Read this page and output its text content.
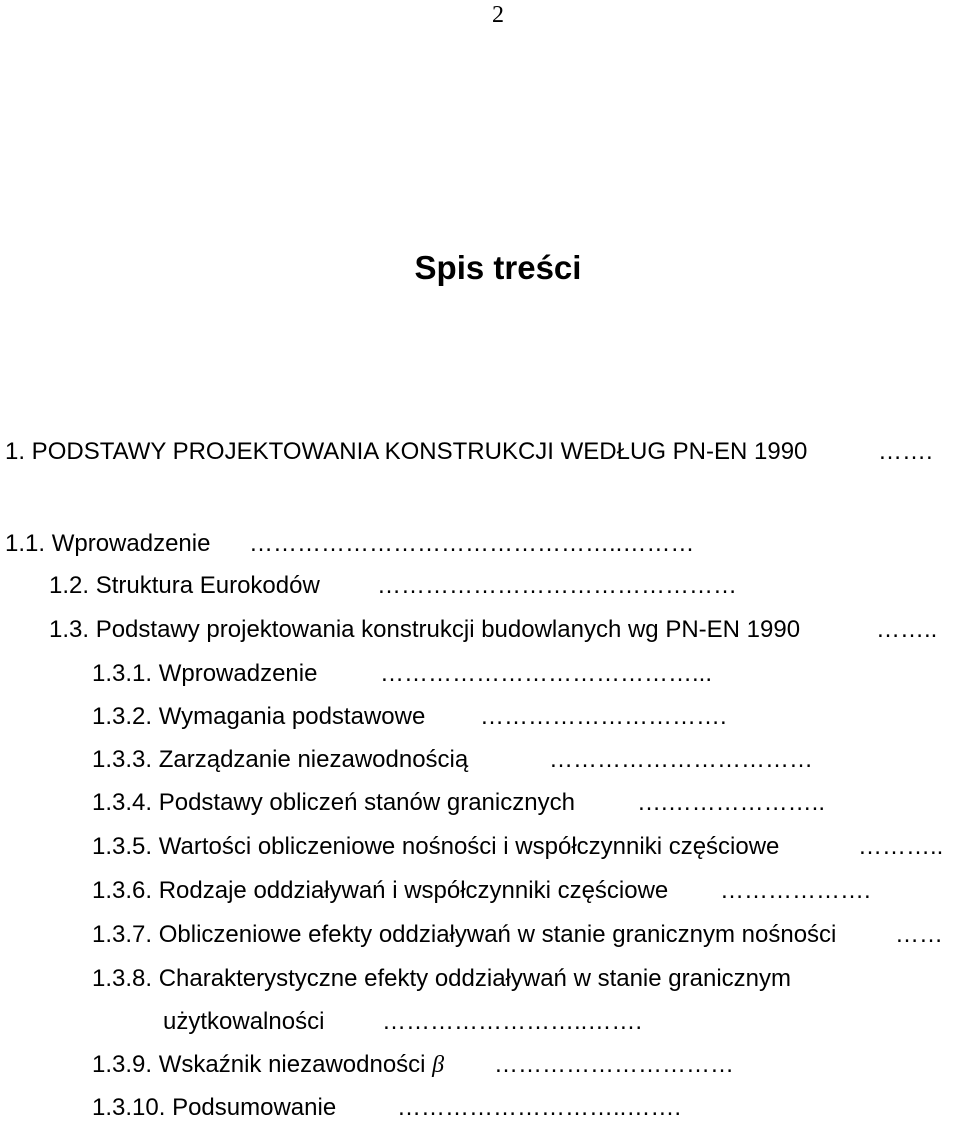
2
Spis treści
1. PODSTAWY PROJEKTOWANIA KONSTRUKCJI WEDŁUG PN-EN 1990	…….
1.1. Wprowadzenie ………………………………………..………
1.2. Struktura Eurokodów ………………………………………
1.3. Podstawy projektowania konstrukcji budowlanych wg PN-EN 1990	……..
1.3.1. Wprowadzenie	…………………………………...
1.3.2. Wymagania podstawowe ………………………….
1.3.3. Zarządzanie niezawodnością	……………………………
1.3.4. Podstawy obliczeń stanów granicznych	….………………..
1.3.5. Wartości obliczeniowe nośności i współczynniki częściowe	………..
1.3.6. Rodzaje oddziaływań i współczynniki częściowe ……………….
1.3.7. Obliczeniowe efekty oddziaływań w stanie granicznym nośności ……
1.3.8. Charakterystyczne efekty oddziaływań w stanie granicznym
użytkowalności ……………………..…….
1.3.9. Wskaźnik niezawodności β …………………………
1.3.10. Podsumowanie	………………………..…….
